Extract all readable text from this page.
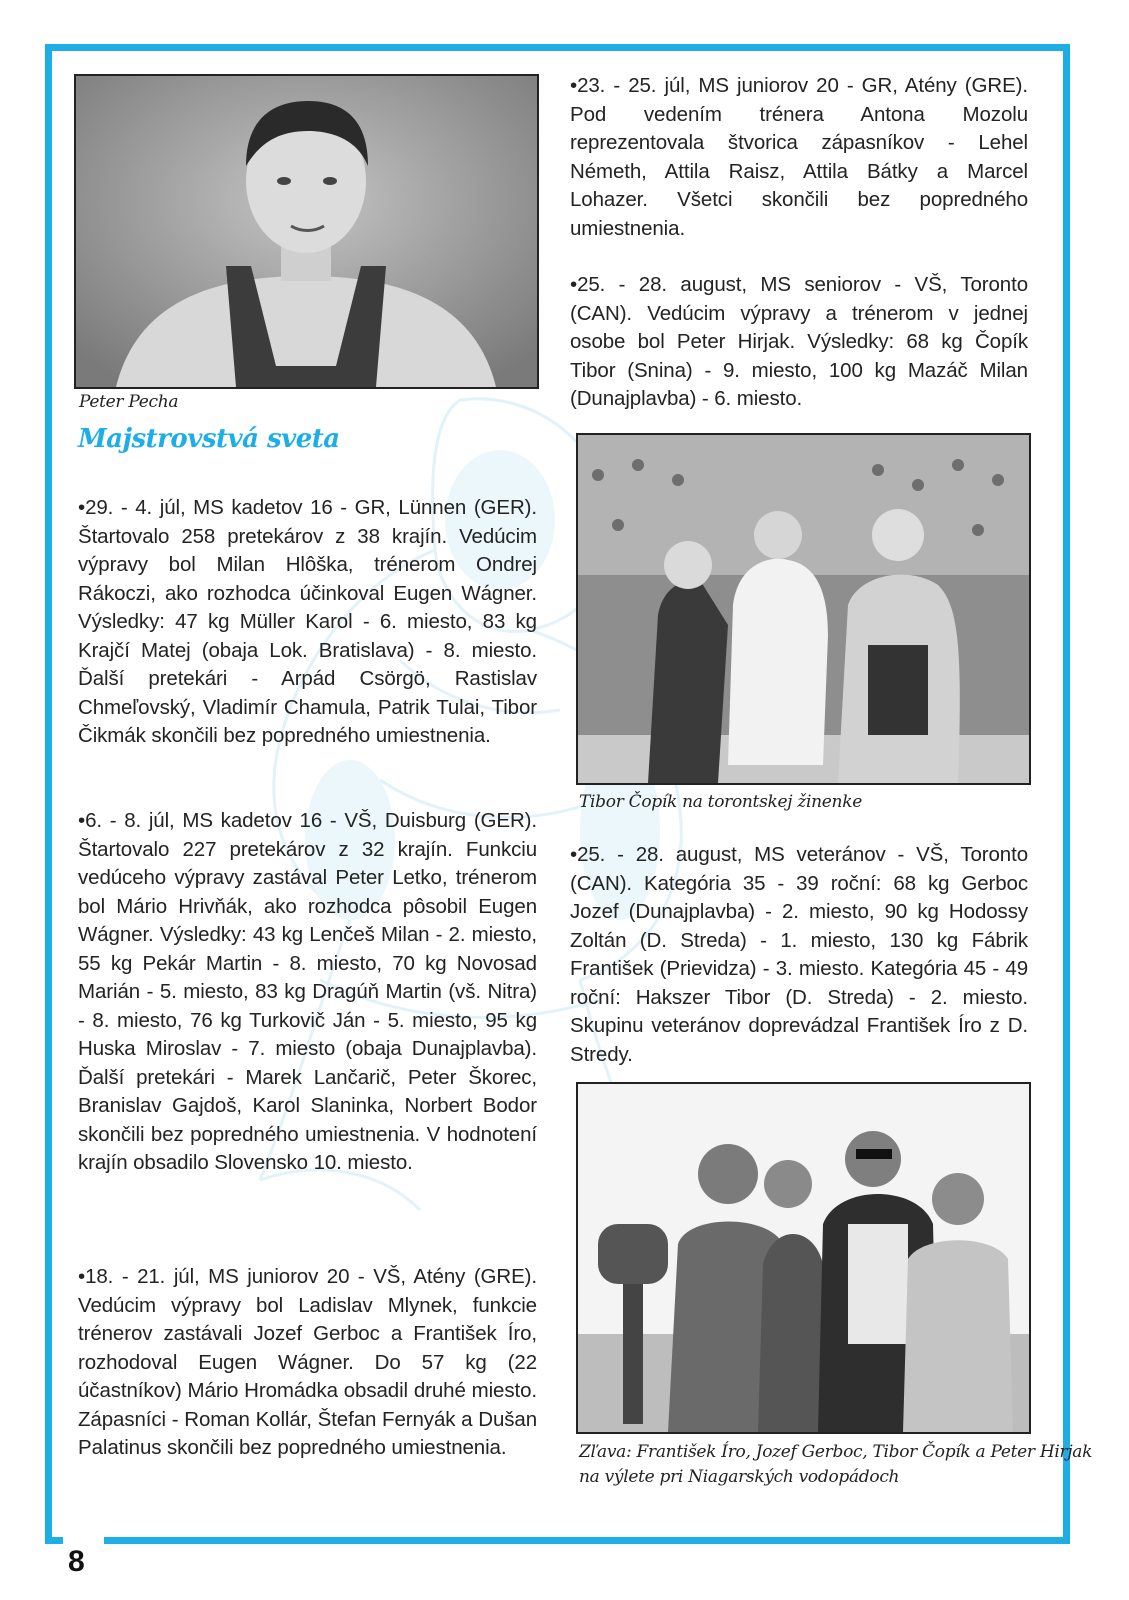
8
Peter Pecha
Majstrovstvá sveta

•29. - 4. júl, MS kadetov 16 - GR, Lünnen (GER). Štartovalo 258 pretekárov z 38 krajín. Vedúcim výpravy bol Milan Hlôška, trénerom Ondrej Rákoczi, ako rozhodca účinkoval Eugen Wágner. Výsledky: 47 kg Müller Karol - 6. miesto, 83 kg Krajčí Matej (obaja Lok. Bratislava) - 8. miesto. Ďalší pretekári - Arpád Csörgö, Rastislav Chmeľovský, Vladimír Chamula, Patrik Tulai, Tibor Čikmák skončili bez popredného umiestnenia.

•6. - 8. júl, MS kadetov 16 - VŠ, Duisburg (GER). Štartovalo 227 pretekárov z 32 krajín. Funkciu vedúceho výpravy zastával Peter Letko, trénerom bol Mário Hrivňák, ako rozhodca pôsobil Eugen Wágner. Výsledky: 43 kg Lenčeš Milan - 2. miesto, 55 kg Pekár Martin - 8. miesto, 70 kg Novosad Marián - 5. miesto, 83 kg Dragúň Martin (vš. Nitra) - 8. miesto, 76 kg Turkovič Ján - 5. miesto, 95 kg Huska Miroslav - 7. miesto (obaja Dunajplavba). Ďalší pretekári - Marek Lančarič, Peter Škorec, Branislav Gajdoš, Karol Slaninka, Norbert Bodor skončili bez popredného umiestnenia. V hodnotení krajín obsadilo Slovensko 10. miesto.

•18. - 21. júl, MS juniorov 20 - VŠ, Atény (GRE). Vedúcim výpravy bol Ladislav Mlynek, funkcie trénerov zastávali Jozef Gerboc a František Íro, rozhodoval Eugen Wágner. Do 57 kg (22 účastníkov) Mário Hromádka obsadil druhé miesto. Zápasníci - Roman Kollár, Štefan Fernyák a Dušan Palatinus skončili bez popredného umiestnenia.

•23. - 25. júl, MS juniorov 20 - GR, Atény (GRE). Pod vedením trénera Antona Mozolu reprezentovala štvorica zápasníkov - Lehel Németh, Attila Raisz, Attila Bátky a Marcel Lohazer. Všetci skončili bez popredného umiestnenia.

•25. - 28. august, MS seniorov - VŠ, Toronto (CAN). Vedúcim výpravy a trénerom v jednej osobe bol Peter Hirjak. Výsledky: 68 kg Čopík Tibor (Snina) - 9. miesto, 100 kg Mazáč Milan (Dunajplavba) - 6. miesto.

Tibor Čopík na torontskej žinenke

•25. - 28. august, MS veteránov - VŠ, Toronto (CAN). Kategória 35 - 39 roční: 68 kg Gerboc Jozef (Dunajplavba) - 2. miesto, 90 kg Hodossy Zoltán (D. Streda) - 1. miesto, 130 kg Fábrik František (Prievidza) - 3. miesto. Kategória 45 - 49 roční: Hakszer Tibor (D. Streda) - 2. miesto. Skupinu veteránov doprevádzal František Íro z D. Stredy.

Zľava: František Íro, Jozef Gerboc, Tibor Čopík a Peter Hirjak
na výlete pri Niagarských vodopádoch
